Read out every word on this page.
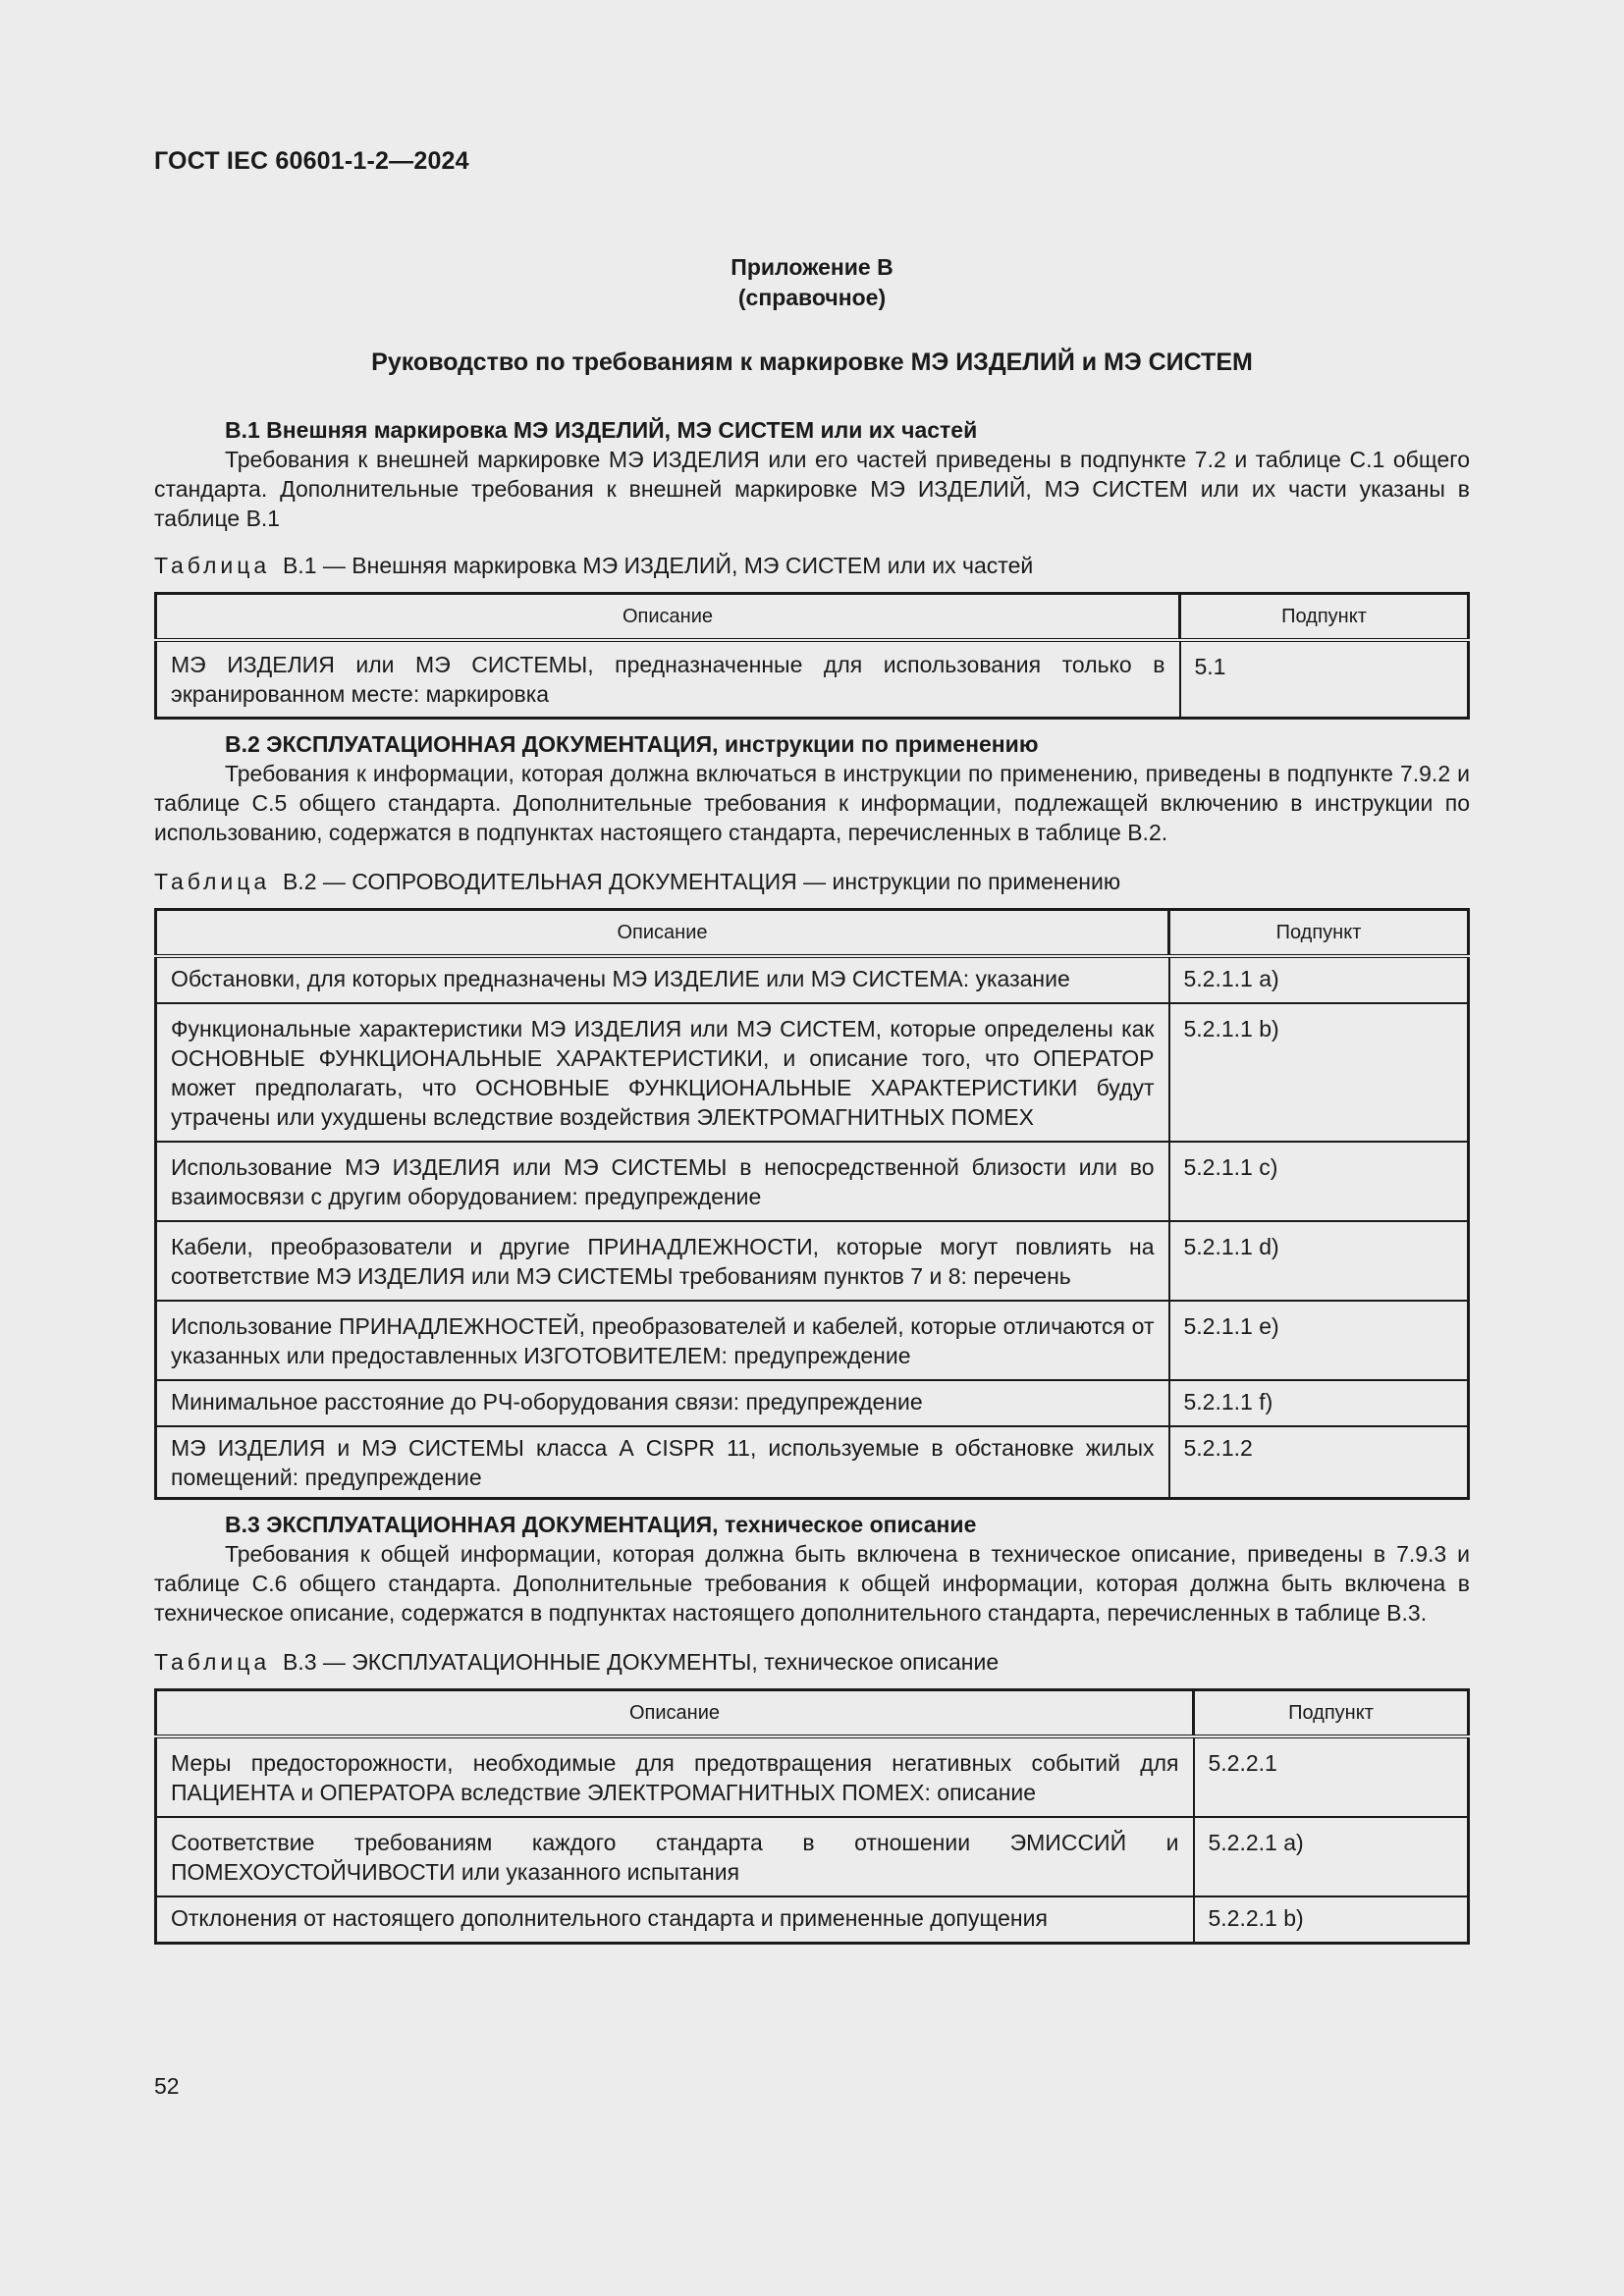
ГОСТ IEC 60601-1-2—2024
Приложение В
(справочное)
Руководство по требованиям к маркировке МЭ ИЗДЕЛИЙ и МЭ СИСТЕМ
В.1 Внешняя маркировка МЭ ИЗДЕЛИЙ, МЭ СИСТЕМ или их частей

Требования к внешней маркировке МЭ ИЗДЕЛИЯ или его частей приведены в подпункте 7.2 и таблице С.1 общего стандарта. Дополнительные требования к внешней маркировке МЭ ИЗДЕЛИЙ, МЭ СИСТЕМ или их части указаны в таблице В.1

Таблица В.1 — Внешняя маркировка МЭ ИЗДЕЛИЙ, МЭ СИСТЕМ или их частей
Описание	Подпункт
МЭ ИЗДЕЛИЯ или МЭ СИСТЕМЫ, предназначенные для использования только в экранированном месте: маркировка	5.1
В.2 ЭКСПЛУАТАЦИОННАЯ ДОКУМЕНТАЦИЯ, инструкции по применению

Требования к информации, которая должна включаться в инструкции по применению, приведены в подпункте 7.9.2 и таблице С.5 общего стандарта. Дополнительные требования к информации, подлежащей включению в инструкции по использованию, содержатся в подпунктах настоящего стандарта, перечисленных в таблице В.2.

Таблица В.2 — СОПРОВОДИТЕЛЬНАЯ ДОКУМЕНТАЦИЯ — инструкции по применению
Описание	Подпункт
Обстановки, для которых предназначены МЭ ИЗДЕЛИЕ или МЭ СИСТЕМА: указание	5.2.1.1 a)
Функциональные характеристики МЭ ИЗДЕЛИЯ или МЭ СИСТЕМ, которые определены как ОСНОВНЫЕ ФУНКЦИОНАЛЬНЫЕ ХАРАКТЕРИСТИКИ, и описание того, что ОПЕРАТОР может предполагать, что ОСНОВНЫЕ ФУНКЦИОНАЛЬНЫЕ ХАРАКТЕРИСТИКИ будут утрачены или ухудшены вследствие воздействия ЭЛЕКТРОМАГНИТНЫХ ПОМЕХ	5.2.1.1 b)
Использование МЭ ИЗДЕЛИЯ или МЭ СИСТЕМЫ в непосредственной близости или во взаимосвязи с другим оборудованием: предупреждение	5.2.1.1 c)
Кабели, преобразователи и другие ПРИНАДЛЕЖНОСТИ, которые могут повлиять на соответствие МЭ ИЗДЕЛИЯ или МЭ СИСТЕМЫ требованиям пунктов 7 и 8: перечень	5.2.1.1 d)
Использование ПРИНАДЛЕЖНОСТЕЙ, преобразователей и кабелей, которые отличаются от указанных или предоставленных ИЗГОТОВИТЕЛЕМ: предупреждение	5.2.1.1 e)
Минимальное расстояние до РЧ-оборудования связи: предупреждение	5.2.1.1 f)
МЭ ИЗДЕЛИЯ и МЭ СИСТЕМЫ класса А CISPR 11, используемые в обстановке жилых помещений: предупреждение	5.2.1.2
В.3 ЭКСПЛУАТАЦИОННАЯ ДОКУМЕНТАЦИЯ, техническое описание

Требования к общей информации, которая должна быть включена в техническое описание, приведены в 7.9.3 и таблице С.6 общего стандарта. Дополнительные требования к общей информации, которая должна быть включена в техническое описание, содержатся в подпунктах настоящего дополнительного стандарта, перечисленных в таблице В.3.

Таблица В.3 — ЭКСПЛУАТАЦИОННЫЕ ДОКУМЕНТЫ, техническое описание
Описание	Подпункт
Меры предосторожности, необходимые для предотвращения негативных событий для ПАЦИЕНТА и ОПЕРАТОРА вследствие ЭЛЕКТРОМАГНИТНЫХ ПОМЕХ: описание	5.2.2.1
Соответствие требованиям каждого стандарта в отношении ЭМИССИЙ и ПОМЕХОУСТОЙЧИВОСТИ или указанного испытания	5.2.2.1 a)
Отклонения от настоящего дополнительного стандарта и примененные допущения	5.2.2.1 b)
52
